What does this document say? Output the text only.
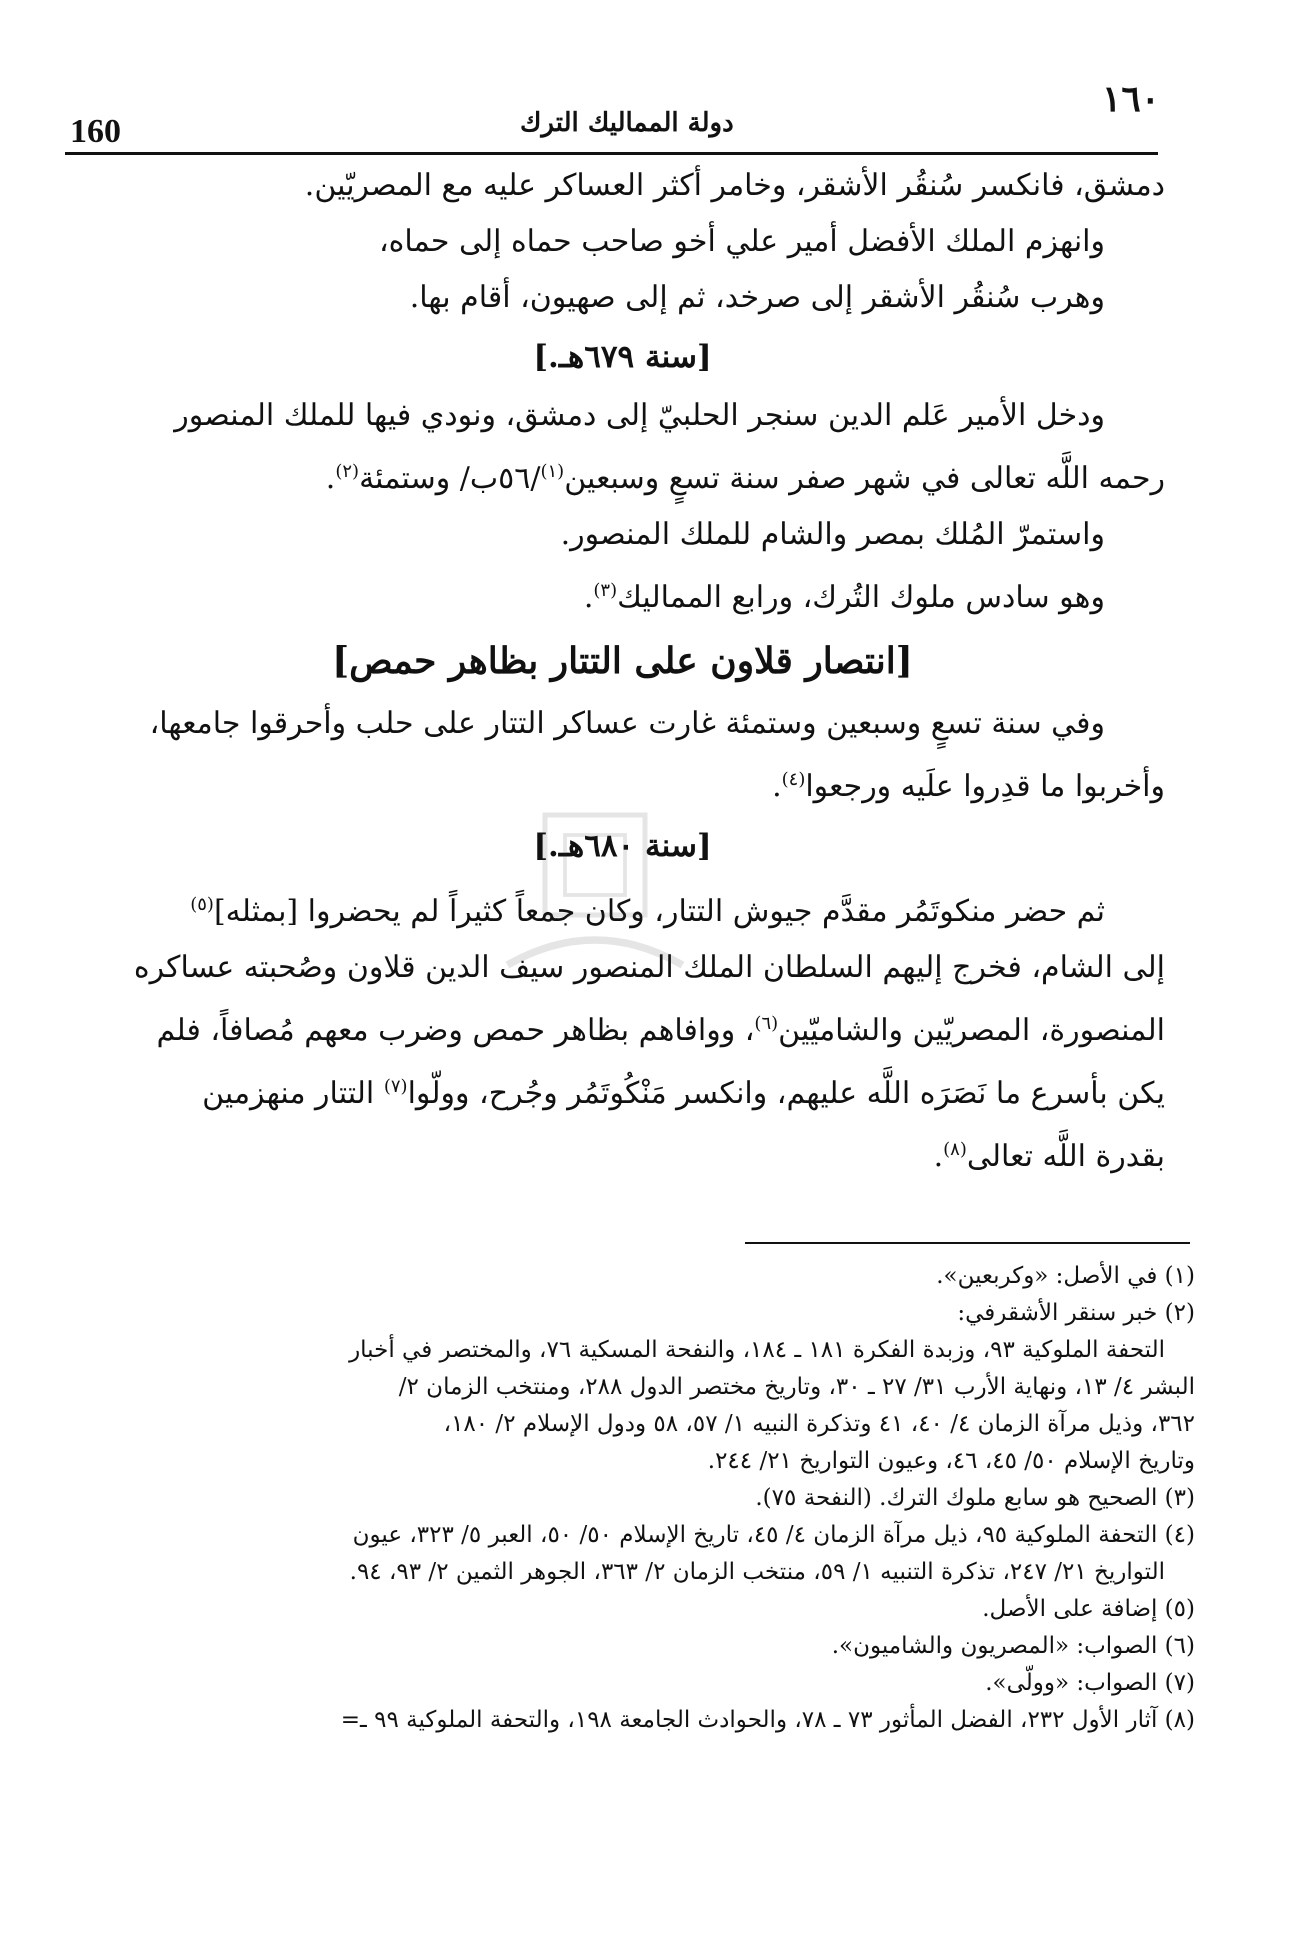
160	دولة المماليك الترك
١٦٠
دمشق، فانكسر سُنقُر الأشقر، وخامر أكثر العساكر عليه مع المصريّين.
وانهزم الملك الأفضل أمير علي أخو صاحب حماه إلى حماه،
وهرب سُنقُر الأشقر إلى صرخد، ثم إلى صهيون، أقام بها.
[سنة ٦٧٩هـ.]
ودخل الأمير عَلم الدين سنجر الحلبيّ إلى دمشق، ونودي فيها للملك المنصور
رحمه اللَّه تعالى في شهر صفر سنة تسعٍ وسبعين$^{(١)}$/٥٦ب/ وستمئة$^{(٢)}$.
واستمرّ المُلك بمصر والشام للملك المنصور.
وهو سادس ملوك التُرك، ورابع المماليك$^{(٣)}$.
[انتصار قلاون على التتار بظاهر حمص]
وفي سنة تسعٍ وسبعين وستمئة غارت عساكر التتار على حلب وأحرقوا جامعها،
وأخربوا ما قدِروا علَيه ورجعوا$^{(٤)}$.
[سنة ٦٨٠هـ.]
ثم حضر منكوتَمُر مقدَّم جيوش التتار، وكان جمعاً كثيراً لم يحضروا [بمثله]$^{(٥)}$
إلى الشام، فخرج إليهم السلطان الملك المنصور سيف الدين قلاون وصُحبته عساكره
المنصورة، المصريّين والشاميّين$^{(٦)}$، ووافاهم بظاهر حمص وضرب معهم مُصافاً، فلم
يكن بأسرع ما نَصَرَه اللَّه عليهم، وانكسر مَنْكُوتَمُر وجُرح، وولّوا$^{(٧)}$ التتار منهزمين
بقدرة اللَّه تعالى$^{(٨)}$.
(١) في الأصل: «وكربعين».
(٢) خبر سنقر الأشقرفي:
التحفة الملوكية ٩٣، وزبدة الفكرة ١٨١ ـ ١٨٤، والنفحة المسكية ٧٦، والمختصر في أخبار
البشر ٤/ ١٣، ونهاية الأرب ٣١/ ٢٧ ـ ٣٠، وتاريخ مختصر الدول ٢٨٨، ومنتخب الزمان ٢/
٣٦٢، وذيل مرآة الزمان ٤/ ٤٠، ٤١ وتذكرة النبيه ١/ ٥٧، ٥٨ ودول الإسلام ٢/ ١٨٠،
وتاريخ الإسلام ٥٠/ ٤٥، ٤٦، وعيون التواريخ ٢١/ ٢٤٤.
(٣) الصحيح هو سابع ملوك الترك. (النفحة ٧٥).
(٤) التحفة الملوكية ٩٥، ذيل مرآة الزمان ٤/ ٤٥، تاريخ الإسلام ٥٠/ ٥٠، العبر ٥/ ٣٢٣، عيون
التواريخ ٢١/ ٢٤٧، تذكرة التنبيه ١/ ٥٩، منتخب الزمان ٢/ ٣٦٣، الجوهر الثمين ٢/ ٩٣، ٩٤.
(٥) إضافة على الأصل.
(٦) الصواب: «المصريون والشاميون».
(٧) الصواب: «وولّى».
(٨) آثار الأول ٢٣٢، الفضل المأثور ٧٣ ـ ٧٨، والحوادث الجامعة ١٩٨، والتحفة الملوكية ٩٩ ـ=
